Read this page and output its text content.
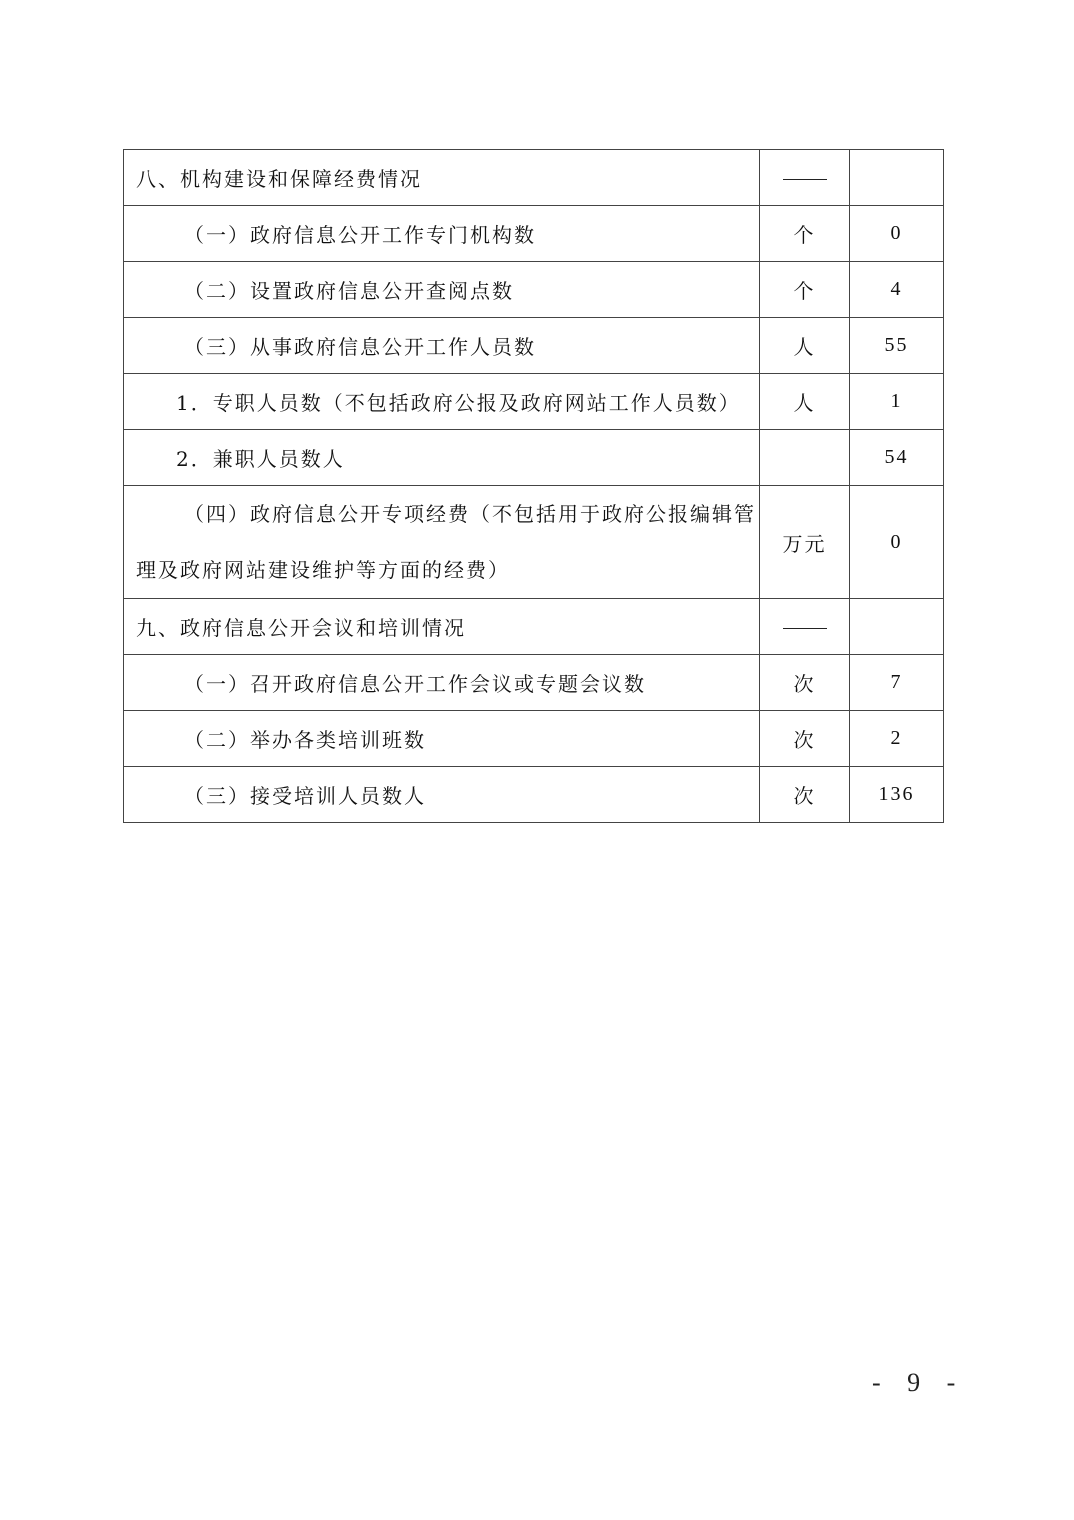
八、机构建设和保障经费情况		
（一）政府信息公开工作专门机构数	个	0
（二）设置政府信息公开查阅点数	个	4
（三）从事政府信息公开工作人员数	人	55
1．专职人员数（不包括政府公报及政府网站工作人员数）	人	1
2．兼职人员数人		54
（四）政府信息公开专项经费（不包括用于政府公报编辑管理及政府网站建设维护等方面的经费）	万元	0
九、政府信息公开会议和培训情况		
（一）召开政府信息公开工作会议或专题会议数	次	7
（二）举办各类培训班数	次	2
（三）接受培训人员数人	次	136
- 9 -
